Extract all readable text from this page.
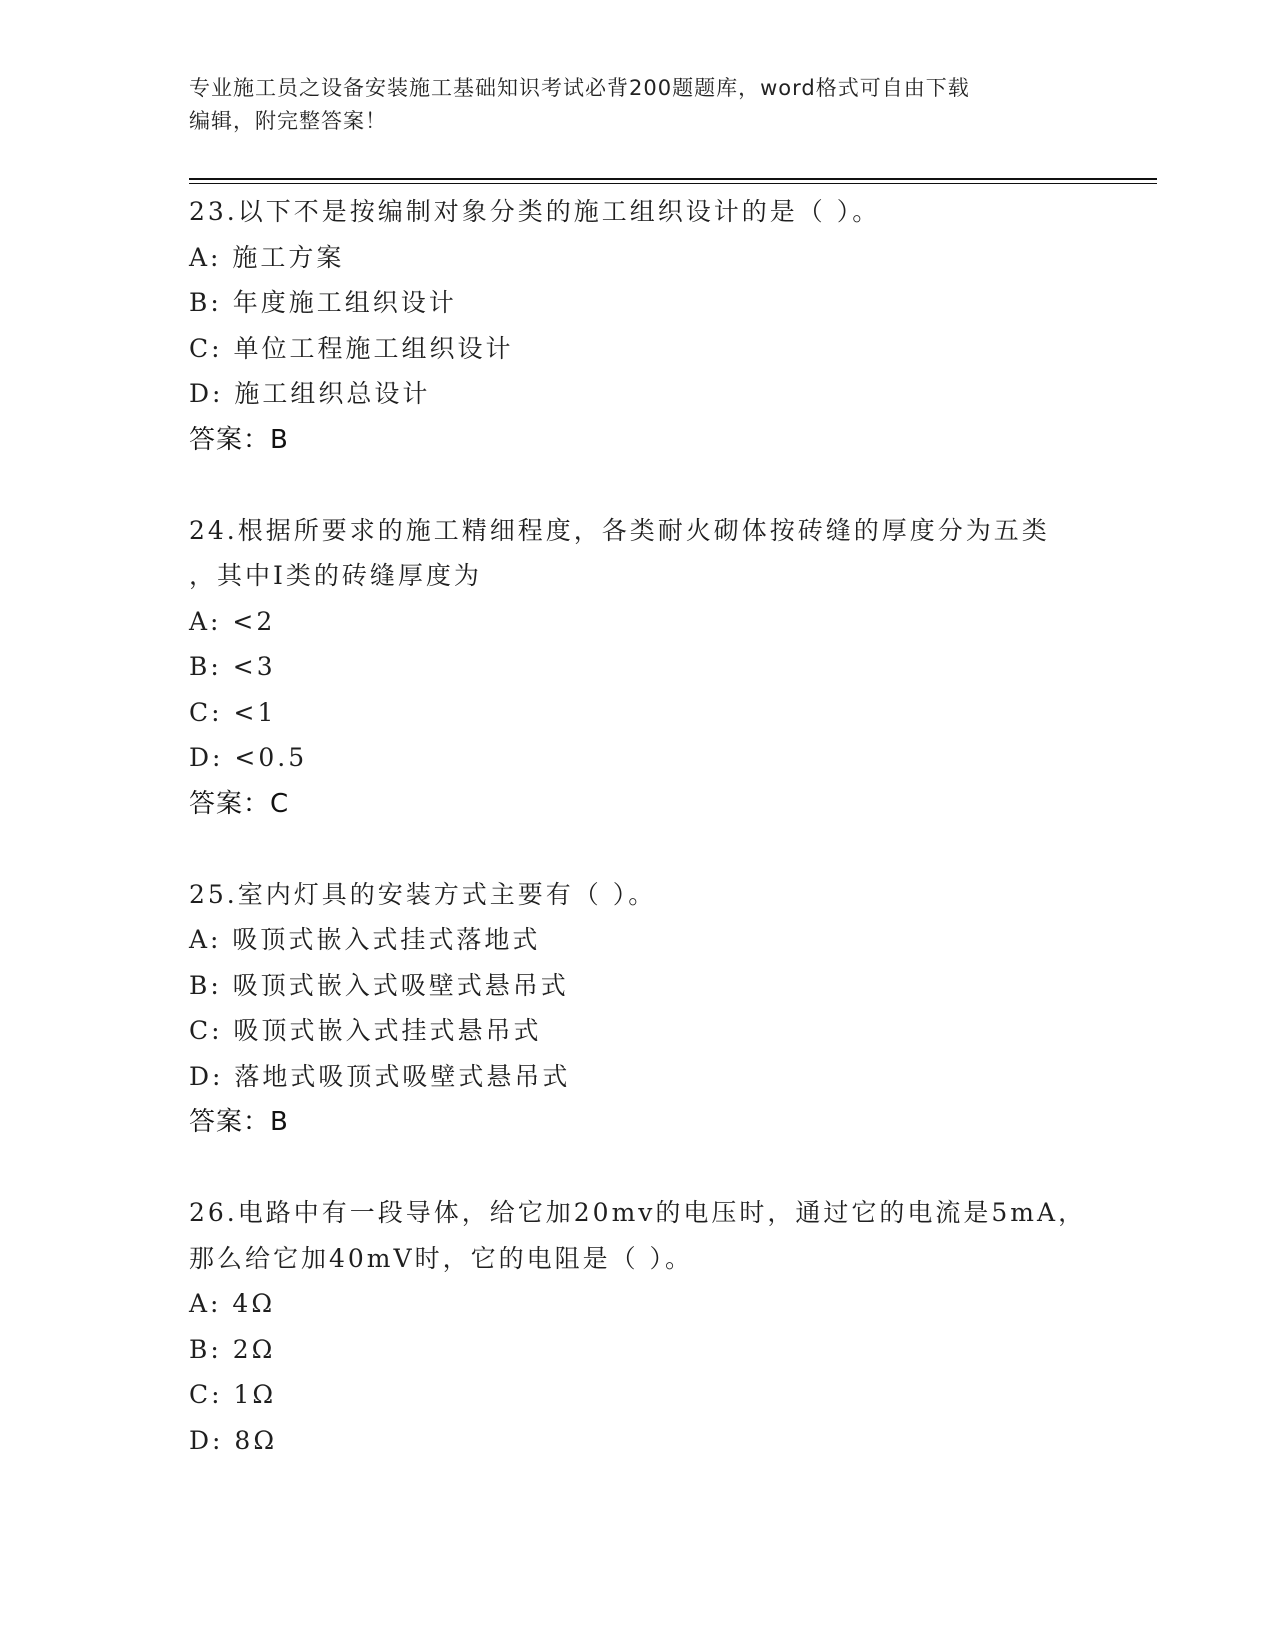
专业施工员之设备安装施工基础知识考试必背200题题库，word格式可自由下载
编辑，附完整答案！
23.以下不是按编制对象分类的施工组织设计的是（ ）。
A: 施工方案
B: 年度施工组织设计
C: 单位工程施工组织设计
D: 施工组织总设计
答案：B
24.根据所要求的施工精细程度，各类耐火砌体按砖缝的厚度分为五类
，其中Ⅰ类的砖缝厚度为
A: <2
B: <3
C: <1
D: <0.5
答案：C
25.室内灯具的安装方式主要有（ ）。
A: 吸顶式嵌入式挂式落地式
B: 吸顶式嵌入式吸壁式悬吊式
C: 吸顶式嵌入式挂式悬吊式
D: 落地式吸顶式吸壁式悬吊式
答案：B
26.电路中有一段导体，给它加20mv的电压时，通过它的电流是5mA，
那么给它加40mV时，它的电阻是（ ）。
A: 4Ω
B: 2Ω
C: 1Ω
D: 8Ω
